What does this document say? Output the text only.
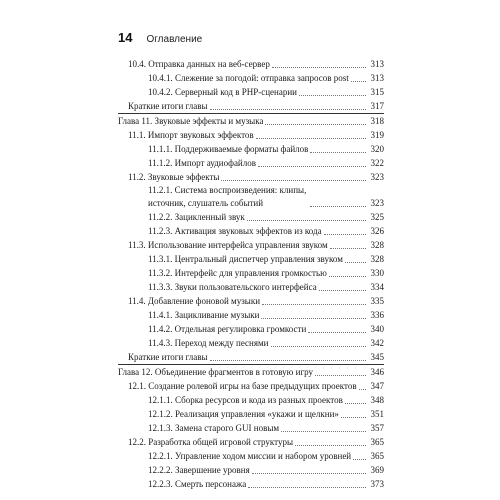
14 Оглавление
10.4. Отправка данных на веб-сервер	313
10.4.1. Слежение за погодой: отправка запросов post 313
10.4.2. Серверный код в PHP-сценарии	315
Краткие итоги главы	317
Глава 11. Звуковые эффекты и музыка	318
11.1. Импорт звуковых эффектов	319
11.1.1. Поддерживаемые форматы файлов	320
11.1.2. Импорт аудиофайлов	322
11.2. Звуковые эффекты	323
11.2.1. Система воспроизведения: клипы, источник, слушатель событий	323
11.2.2. Зацикленный звук	325
11.2.3. Активация звуковых эффектов из кода	326
11.3. Использование интерфейса управления звуком	328
11.3.1. Центральный диспетчер управления звуком	328
11.3.2. Интерфейс для управления громкостью	330
11.3.3. Звуки пользовательского интерфейса	334
11.4. Добавление фоновой музыки	335
11.4.1. Зацикливание музыки	336
11.4.2. Отдельная регулировка громкости	340
11.4.3. Переход между песнями	342
Краткие итоги главы	345
Глава 12. Объединение фрагментов в готовую игру	346
12.1. Создание ролевой игры на базе предыдущих проектов 347
12.1.1. Сборка ресурсов и кода из разных проектов	348
12.1.2. Реализация управления «укажи и щелкни»	351
12.1.3. Замена старого GUI новым	357
12.2. Разработка общей игровой структуры	365
12.2.1. Управление ходом миссии и набором уровней 365
12.2.2. Завершение уровня	369
12.2.3. Смерть персонажа	373
